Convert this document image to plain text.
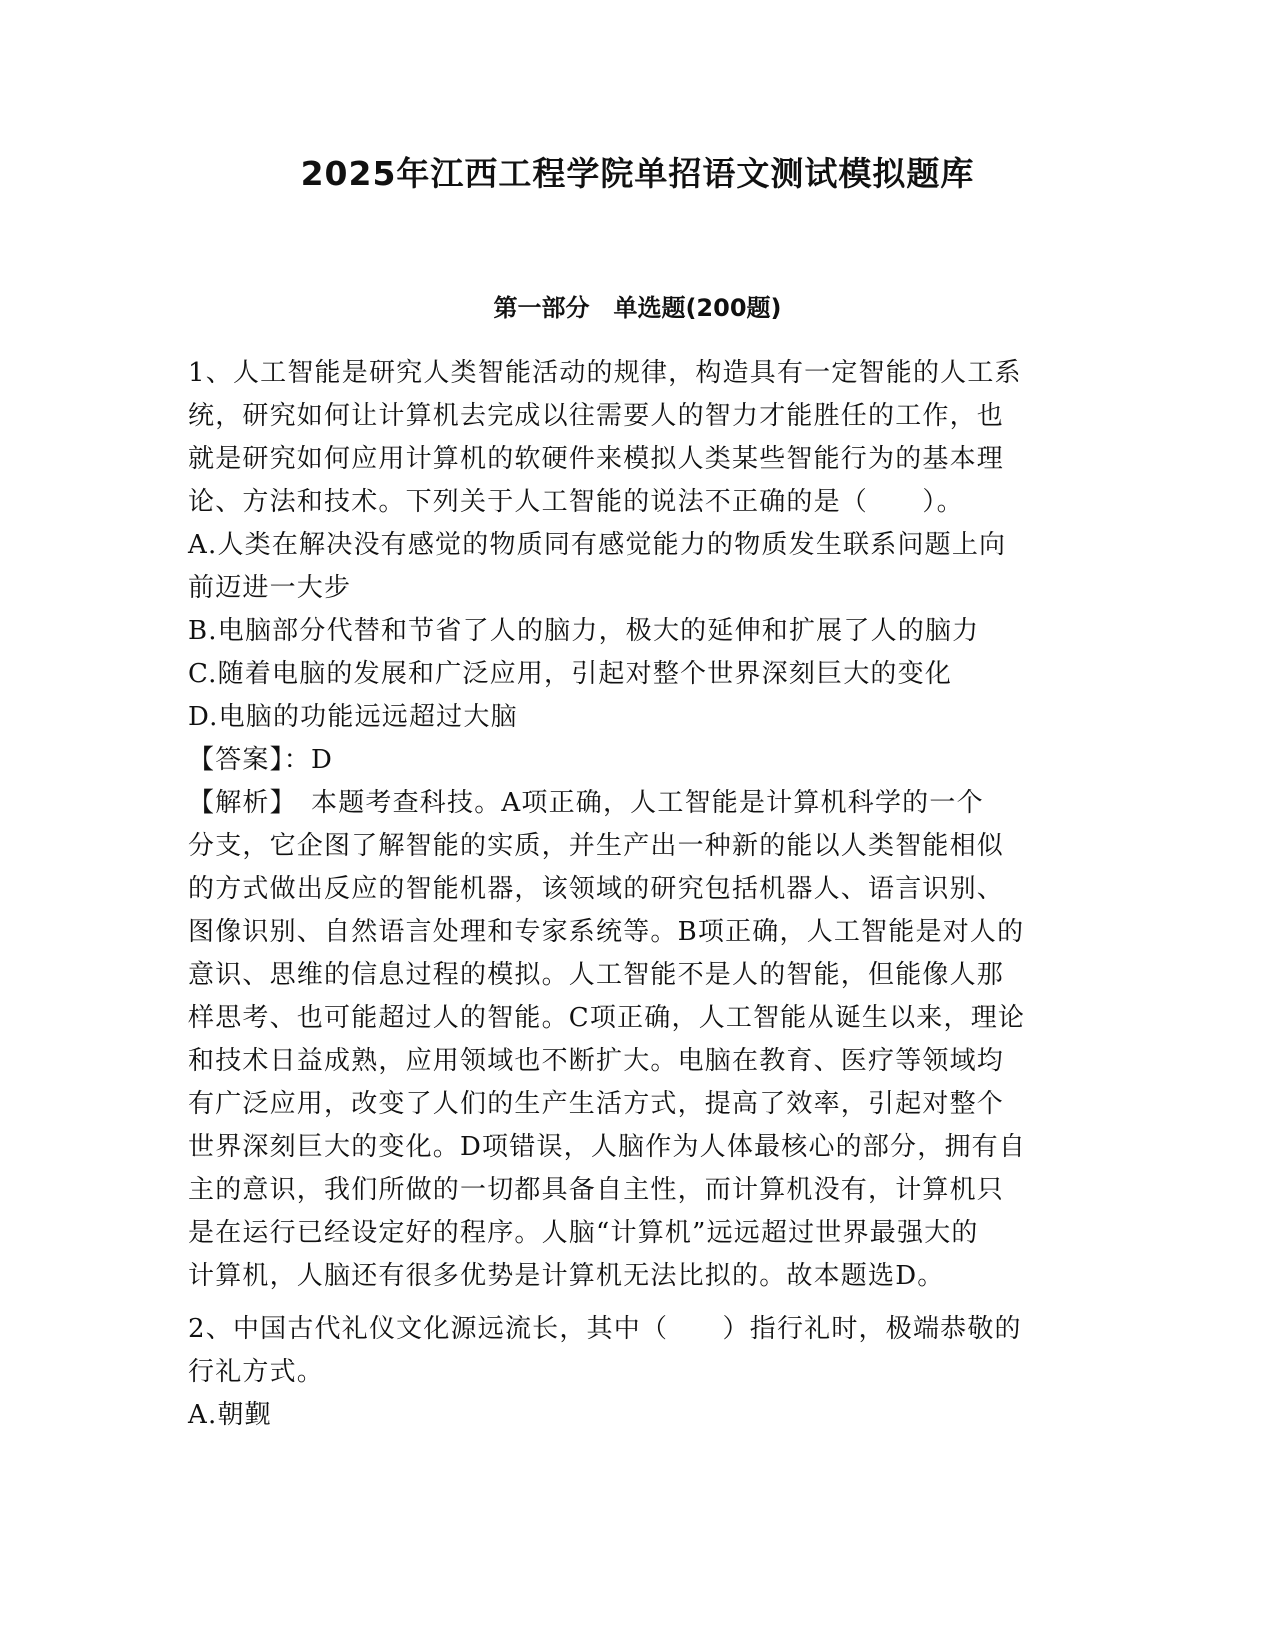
2025年江西工程学院单招语文测试模拟题库
第一部分　单选题(200题)
1、人工智能是研究人类智能活动的规律，构造具有一定智能的人工系
统，研究如何让计算机去完成以往需要人的智力才能胜任的工作，也
就是研究如何应用计算机的软硬件来模拟人类某些智能行为的基本理
论、方法和技术。下列关于人工智能的说法不正确的是（　　）。
A.人类在解决没有感觉的物质同有感觉能力的物质发生联系问题上向
前迈进一大步
B.电脑部分代替和节省了人的脑力，极大的延伸和扩展了人的脑力
C.随着电脑的发展和广泛应用，引起对整个世界深刻巨大的变化
D.电脑的功能远远超过大脑
【答案】：D
【解析】　本题考查科技。A项正确，人工智能是计算机科学的一个
分支，它企图了解智能的实质，并生产出一种新的能以人类智能相似
的方式做出反应的智能机器，该领域的研究包括机器人、语言识别、
图像识别、自然语言处理和专家系统等。B项正确，人工智能是对人的
意识、思维的信息过程的模拟。人工智能不是人的智能，但能像人那
样思考、也可能超过人的智能。C项正确，人工智能从诞生以来，理论
和技术日益成熟，应用领域也不断扩大。电脑在教育、医疗等领域均
有广泛应用，改变了人们的生产生活方式，提高了效率，引起对整个
世界深刻巨大的变化。D项错误，人脑作为人体最核心的部分，拥有自
主的意识，我们所做的一切都具备自主性，而计算机没有，计算机只
是在运行已经设定好的程序。人脑“计算机”远远超过世界最强大的
计算机，人脑还有很多优势是计算机无法比拟的。故本题选D。
2、中国古代礼仪文化源远流长，其中（　　）指行礼时，极端恭敬的
行礼方式。
A.朝觐
